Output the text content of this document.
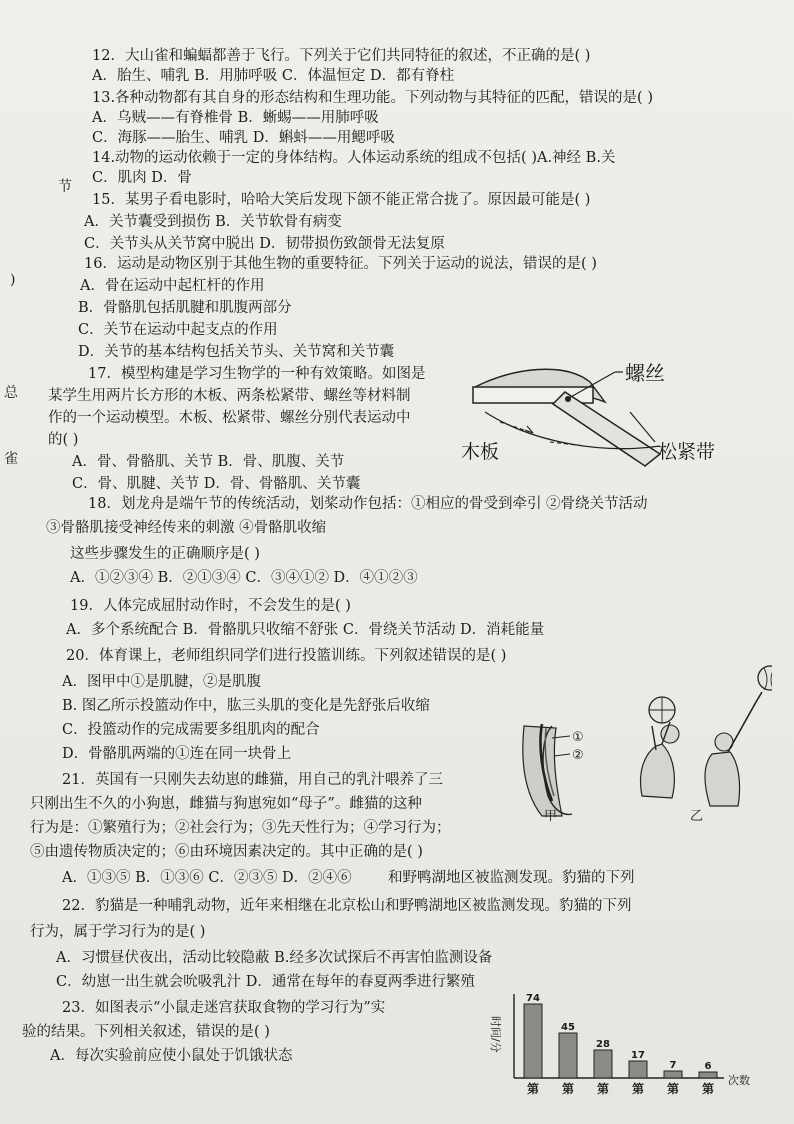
节
)
总
雀
12．大山雀和蝙蝠都善于飞行。下列关于它们共同特征的叙述，不正确的是( )
A．胎生、哺乳 B．用肺呼吸 C．体温恒定 D．都有脊柱
13.各种动物都有其自身的形态结构和生理功能。下列动物与其特征的匹配，错误的是( )
A．乌贼——有脊椎骨 B．蜥蜴——用肺呼吸
C．海豚——胎生、哺乳 D．蝌蚪——用鳃呼吸
14.动物的运动依赖于一定的身体结构。人体运动系统的组成不包括( )A.神经 B.关
C．肌肉 D．骨
15．某男子看电影时，哈哈大笑后发现下颌不能正常合拢了。原因最可能是( )
A．关节囊受到损伤 B．关节软骨有病变
C．关节头从关节窝中脱出 D．韧带损伤致颌骨无法复原
16．运动是动物区别于其他生物的重要特征。下列关于运动的说法，错误的是( )
A．骨在运动中起杠杆的作用
B．骨骼肌包括肌腱和肌腹两部分
C．关节在运动中起支点的作用
D．关节的基本结构包括关节头、关节窝和关节囊
17．模型构建是学习生物学的一种有效策略。如图是
某学生用两片长方形的木板、两条松紧带、螺丝等材料制
作的一个运动模型。木板、松紧带、螺丝分别代表运动中
的( )
A．骨、骨骼肌、关节 B．骨、肌腹、关节
C．骨、肌腱、关节 D．骨、骨骼肌、关节囊
螺丝
木板	松紧带
18．划龙舟是端午节的传统活动，划桨动作包括：①相应的骨受到牵引 ②骨绕关节活动
③骨骼肌接受神经传来的刺激 ④骨骼肌收缩
这些步骤发生的正确顺序是( )
A．①②③④ B．②①③④ C．③④①② D．④①②③
19．人体完成屈肘动作时，不会发生的是( )
A．多个系统配合 B．骨骼肌只收缩不舒张 C．骨绕关节活动 D．消耗能量
20．体育课上，老师组织同学们进行投篮训练。下列叙述错误的是( )
A．图甲中①是肌腱，②是肌腹
B. 图乙所示投篮动作中，肱三头肌的变化是先舒张后收缩
C．投篮动作的完成需要多组肌肉的配合
D．骨骼肌两端的①连在同一块骨上
①
②
甲	乙
21．英国有一只刚失去幼崽的雌猫，用自己的乳汁喂养了三
只刚出生不久的小狗崽，雌猫与狗崽宛如“母子”。雌猫的这种
行为是：①繁殖行为；②社会行为；③先天性行为；④学习行为；
⑤由遗传物质决定的；⑥由环境因素决定的。其中正确的是( )
A．①③⑤ B．①③⑥ C．②③⑤ D．②④⑥	和野鸭湖地区被监测发现。豹猫的下列
22．豹猫是一种哺乳动物，近年来相继在北京松山和野鸭湖地区被监测发现。豹猫的下列
行为，属于学习行为的是( )
A．习惯昼伏夜出，活动比较隐蔽 B.经多次试探后不再害怕监测设备
C．幼崽一出生就会吮吸乳汁 D．通常在每年的春夏两季进行繁殖
23．如图表示“小鼠走迷宫获取食物的学习行为”实
验的结果。下列相关叙述，错误的是( )
A．每次实验前应使小鼠处于饥饿状态
时间/分
次数
74
第
45
第
28
第
17
第
7
第
6
第
